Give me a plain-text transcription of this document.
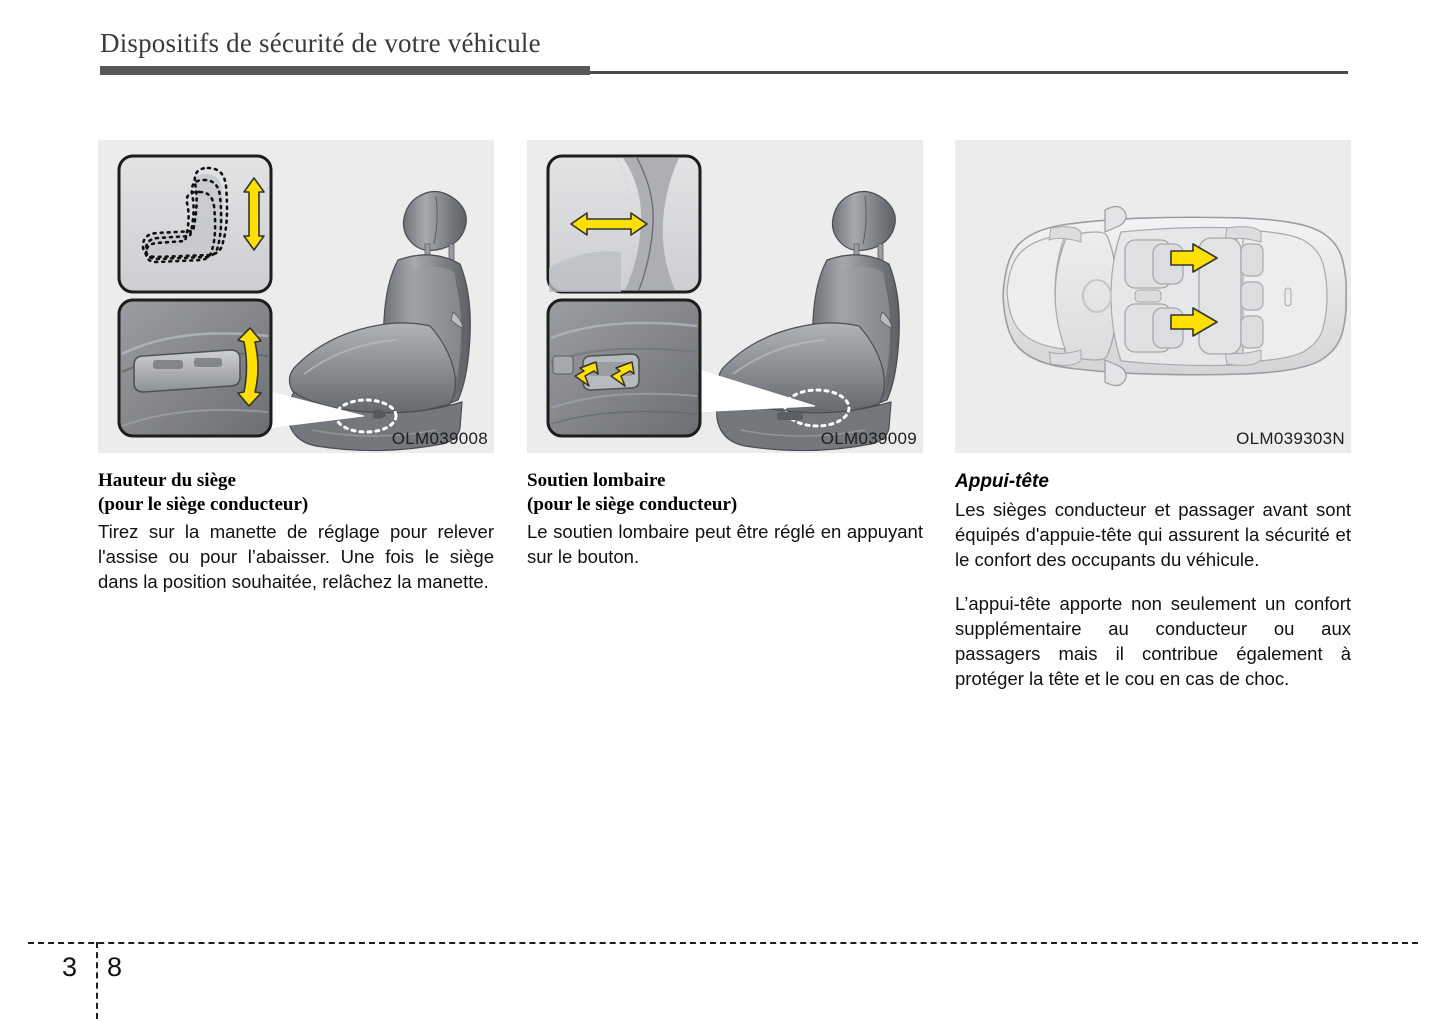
Dispositifs de sécurité de votre véhicule
OLM039008
Hauteur du siège
(pour le siège conducteur)

Tirez sur la manette de réglage pour relever l'assise ou pour l’abaisser. Une fois le siège dans la position souhaitée, relâchez la manette.

OLM039009
Soutien lombaire
(pour le siège conducteur)

Le soutien lombaire peut être réglé en appuyant sur le bouton.

OLM039303N
Appui-tête

Les sièges conducteur et passager avant sont équipés d'appuie-tête qui assurent la sécurité et le confort des occupants du véhicule.

L’appui-tête apporte non seulement un confort supplémentaire au conducteur ou aux passagers mais il contribue également à protéger la tête et le cou en cas de choc.

3 8
